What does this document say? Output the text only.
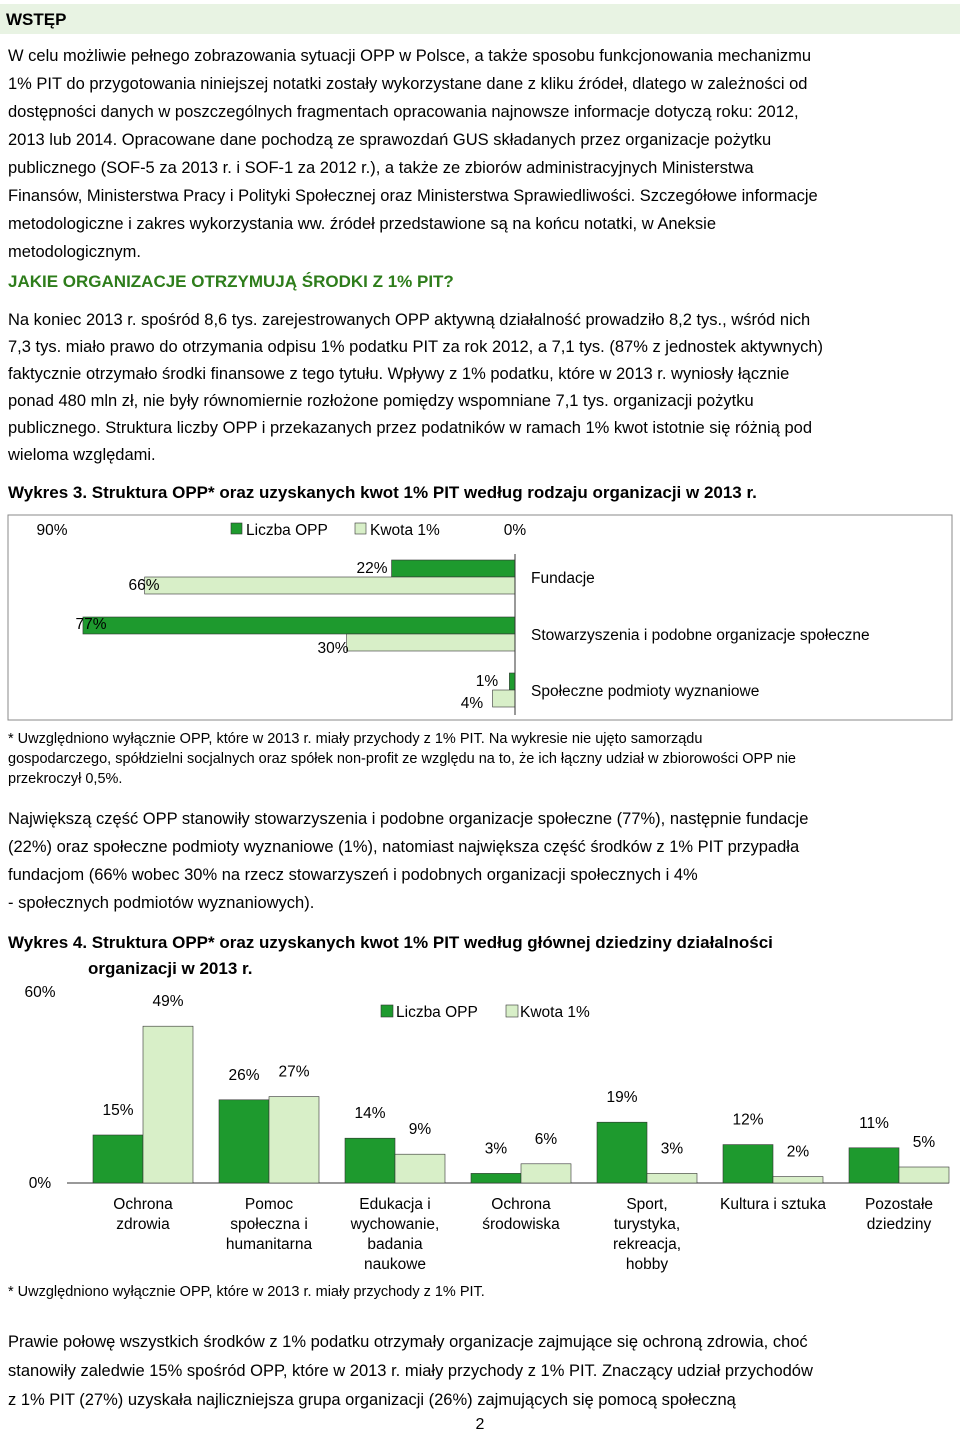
WSTĘP
W celu możliwie pełnego zobrazowania sytuacji OPP w Polsce, a także sposobu funkcjonowania mechanizmu
1% PIT do przygotowania niniejszej notatki zostały wykorzystane dane z kliku źródeł, dlatego w zależności od
dostępności danych w poszczególnych fragmentach opracowania najnowsze informacje dotyczą roku: 2012,
2013 lub 2014. Opracowane dane pochodzą ze sprawozdań GUS składanych przez organizacje pożytku
publicznego (SOF-5 za 2013 r. i SOF-1 za 2012 r.), a także ze zbiorów administracyjnych Ministerstwa
Finansów, Ministerstwa Pracy i Polityki Społecznej oraz Ministerstwa Sprawiedliwości. Szczegółowe informacje
metodologiczne i zakres wykorzystania ww. źródeł przedstawione są na końcu notatki, w Aneksie
metodologicznym.
JAKIE ORGANIZACJE OTRZYMUJĄ ŚRODKI Z 1% PIT?
Na koniec 2013 r. spośród 8,6 tys. zarejestrowanych OPP aktywną działalność prowadziło 8,2 tys., wśród nich
7,3 tys. miało prawo do otrzymania odpisu 1% podatku PIT za rok 2012, a 7,1 tys. (87% z jednostek aktywnych)
faktycznie otrzymało środki finansowe z tego tytułu. Wpływy z 1% podatku, które w 2013 r. wyniosły łącznie
ponad 480 mln zł, nie były równomiernie rozłożone pomiędzy wspomniane 7,1 tys. organizacji pożytku
publicznego. Struktura liczby OPP i przekazanych przez podatników w ramach 1% kwot istotnie się różnią pod
wieloma względami.
Wykres 3. Struktura OPP* oraz uzyskanych kwot 1% PIT według rodzaju organizacji w 2013 r.
90%	0%
Liczba OPP	Kwota 1%
66%
22%
Fundacje
77%
30%
Stowarzyszenia i podobne organizacje społeczne
1%
4%
Społeczne podmioty wyznaniowe
* Uwzględniono wyłącznie OPP, które w 2013 r. miały przychody z 1% PIT. Na wykresie nie ujęto samorządu
gospodarczego, spółdzielni socjalnych oraz spółek non-profit ze względu na to, że ich łączny udział w zbiorowości OPP nie
przekroczył 0,5%.
Największą część OPP stanowiły stowarzyszenia i podobne organizacje społeczne (77%), następnie fundacje
(22%) oraz społeczne podmioty wyznaniowe (1%), natomiast największa część środków z 1% PIT przypadła
fundacjom (66% wobec 30% na rzecz stowarzyszeń i podobnych organizacji społecznych i 4%
- społecznych podmiotów wyznaniowych).
Wykres 4. Struktura OPP* oraz uzyskanych kwot 1% PIT według głównej dziedziny działalności
organizacji w 2013 r.
60%
0%
Liczba OPP	Kwota 1%
15%
49%
Ochrona
zdrowia
26% 27%
Pomoc
społeczna i
humanitarna
14%
9%
Edukacja i
wychowanie,
badania
naukowe
3%
6%
Ochrona
środowiska
19%
3%
Sport,
turystyka,
rekreacja,
hobby
12%
2%
Kultura i sztuka
11%
5%
Pozostałe
dziedziny
* Uwzględniono wyłącznie OPP, które w 2013 r. miały przychody z 1% PIT.
Prawie połowę wszystkich środków z 1% podatku otrzymały organizacje zajmujące się ochroną zdrowia, choć
stanowiły zaledwie 15% spośród OPP, które w 2013 r. miały przychody z 1% PIT. Znaczący udział przychodów
z 1% PIT (27%) uzyskała najliczniejsza grupa organizacji (26%) zajmujących się pomocą społeczną
2
